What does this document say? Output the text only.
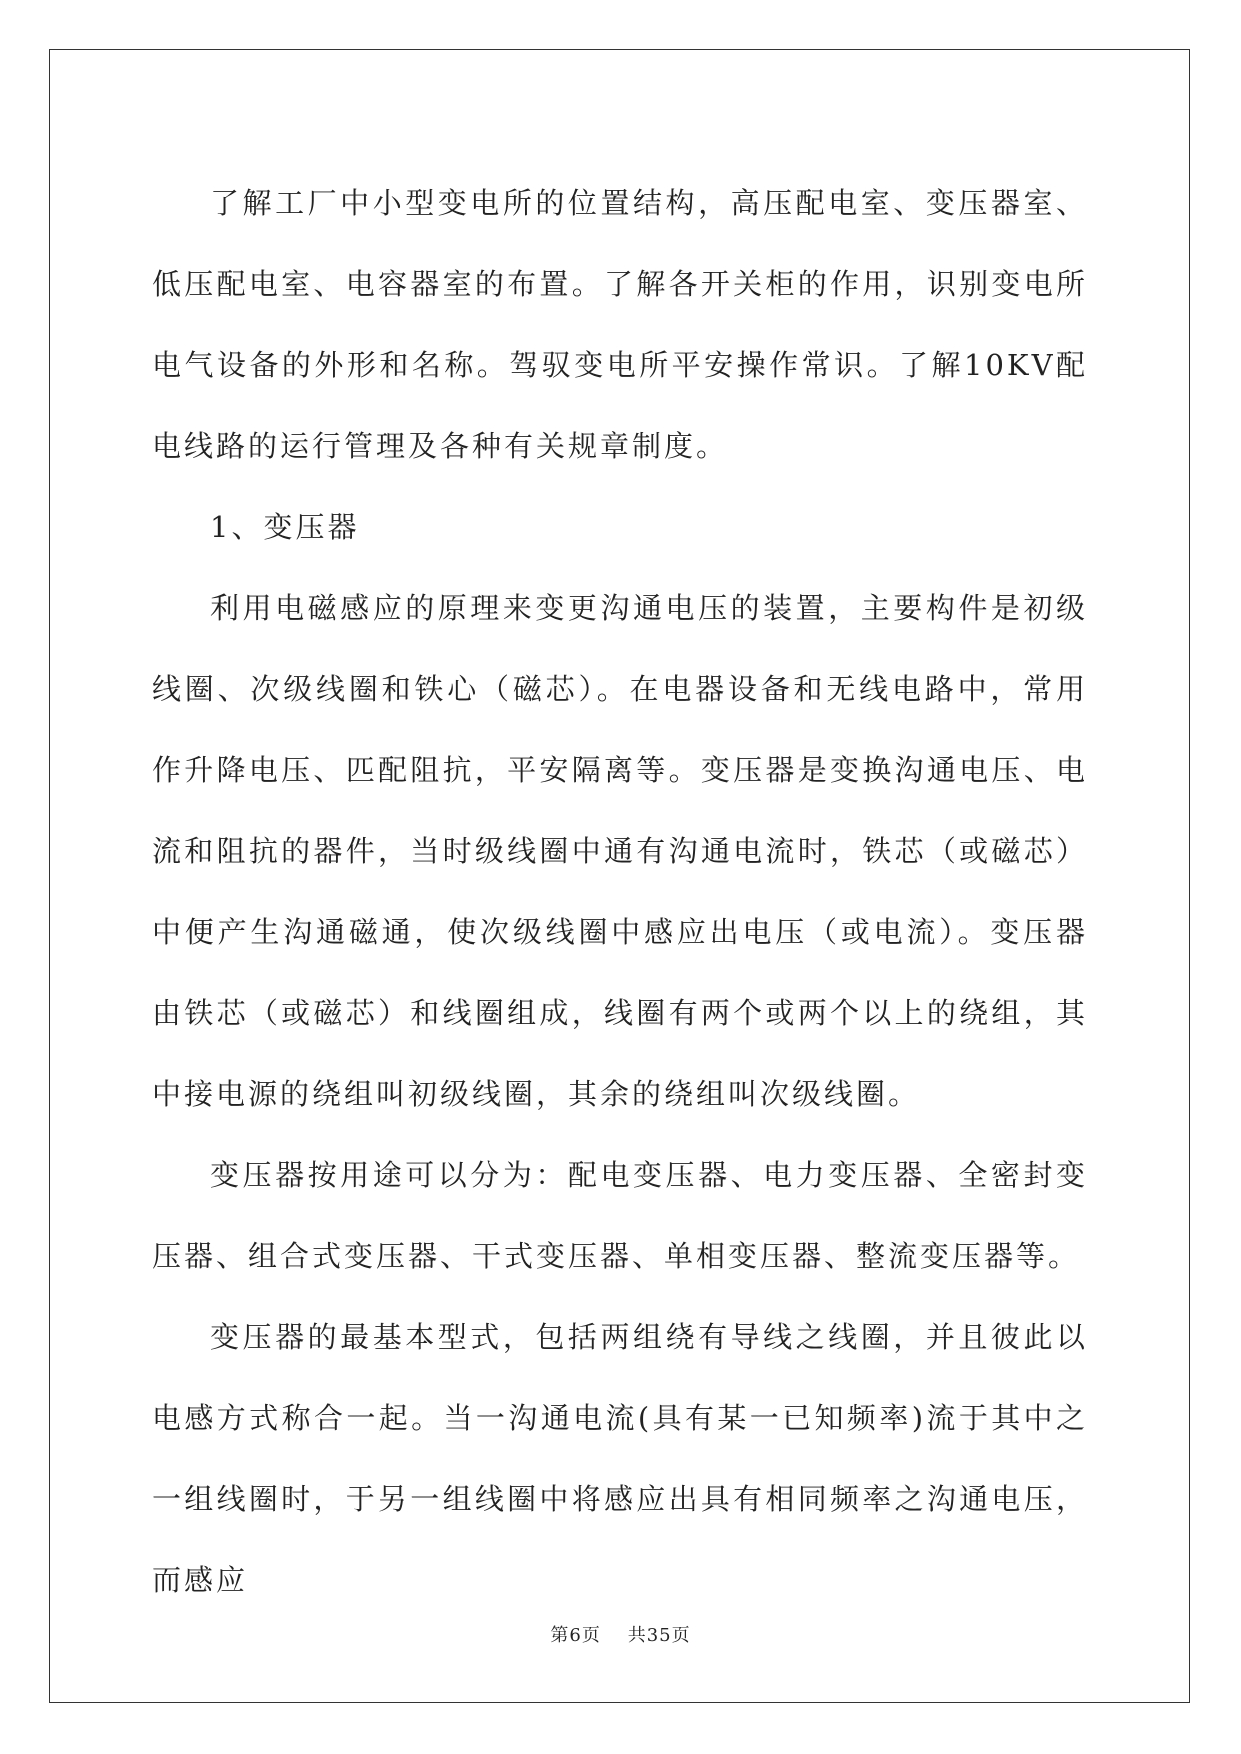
了解工厂中小型变电所的位置结构，高压配电室、变压器室、低压配电室、电容器室的布置。了解各开关柜的作用，识别变电所电气设备的外形和名称。驾驭变电所平安操作常识。了解10KV配电线路的运行管理及各种有关规章制度。

1、变压器

利用电磁感应的原理来变更沟通电压的装置，主要构件是初级线圈、次级线圈和铁心（磁芯）。在电器设备和无线电路中，常用作升降电压、匹配阻抗，平安隔离等。变压器是变换沟通电压、电流和阻抗的器件，当时级线圈中通有沟通电流时，铁芯（或磁芯）中便产生沟通磁通，使次级线圈中感应出电压（或电流）。变压器由铁芯（或磁芯）和线圈组成，线圈有两个或两个以上的绕组，其中接电源的绕组叫初级线圈，其余的绕组叫次级线圈。

变压器按用途可以分为：配电变压器、电力变压器、全密封变压器、组合式变压器、干式变压器、单相变压器、整流变压器等。

变压器的最基本型式，包括两组绕有导线之线圈，并且彼此以电感方式称合一起。当一沟通电流(具有某一已知频率)流于其中之一组线圈时，于另一组线圈中将感应出具有相同频率之沟通电压，而感应

第6页 共35页
